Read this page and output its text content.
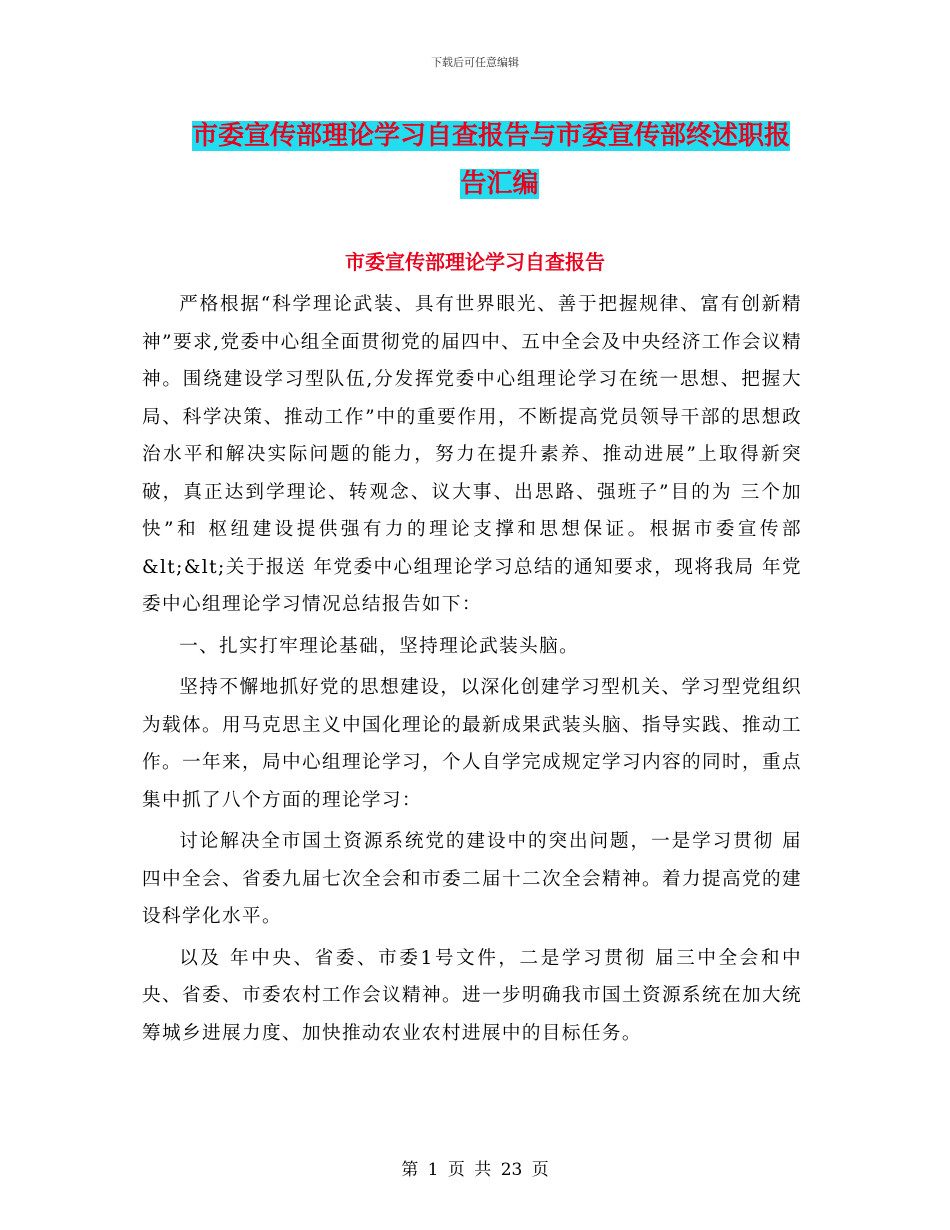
下载后可任意编辑
市委宣传部理论学习自查报告与市委宣传部终述职报
告汇编
市委宣传部理论学习自查报告

严格根据“科学理论武装、具有世界眼光、善于把握规律、富有创新精神”要求,党委中心组全面贯彻党的届四中、五中全会及中央经济工作会议精神。围绕建设学习型队伍,分发挥党委中心组理论学习在统一思想、把握大局、科学决策、推动工作”中的重要作用，不断提高党员领导干部的思想政治水平和解决实际问题的能力，努力在提升素养、推动进展”上取得新突破，真正达到学理论、转观念、议大事、出思路、强班子”目的为 三个加快”和 枢纽建设提供强有力的理论支撑和思想保证。根据市委宣传部&lt;&lt;关于报送 年党委中心组理论学习总结的通知要求，现将我局 年党委中心组理论学习情况总结报告如下：

一、扎实打牢理论基础，坚持理论武装头脑。

坚持不懈地抓好党的思想建设，以深化创建学习型机关、学习型党组织为载体。用马克思主义中国化理论的最新成果武装头脑、指导实践、推动工作。一年来，局中心组理论学习，个人自学完成规定学习内容的同时，重点集中抓了八个方面的理论学习：

讨论解决全市国土资源系统党的建设中的突出问题，一是学习贯彻 届四中全会、省委九届七次全会和市委二届十二次全会精神。着力提高党的建设科学化水平。

以及 年中央、省委、市委1号文件，二是学习贯彻 届三中全会和中央、省委、市委农村工作会议精神。进一步明确我市国土资源系统在加大统筹城乡进展力度、加快推动农业农村进展中的目标任务。

第 1 页 共 23 页
